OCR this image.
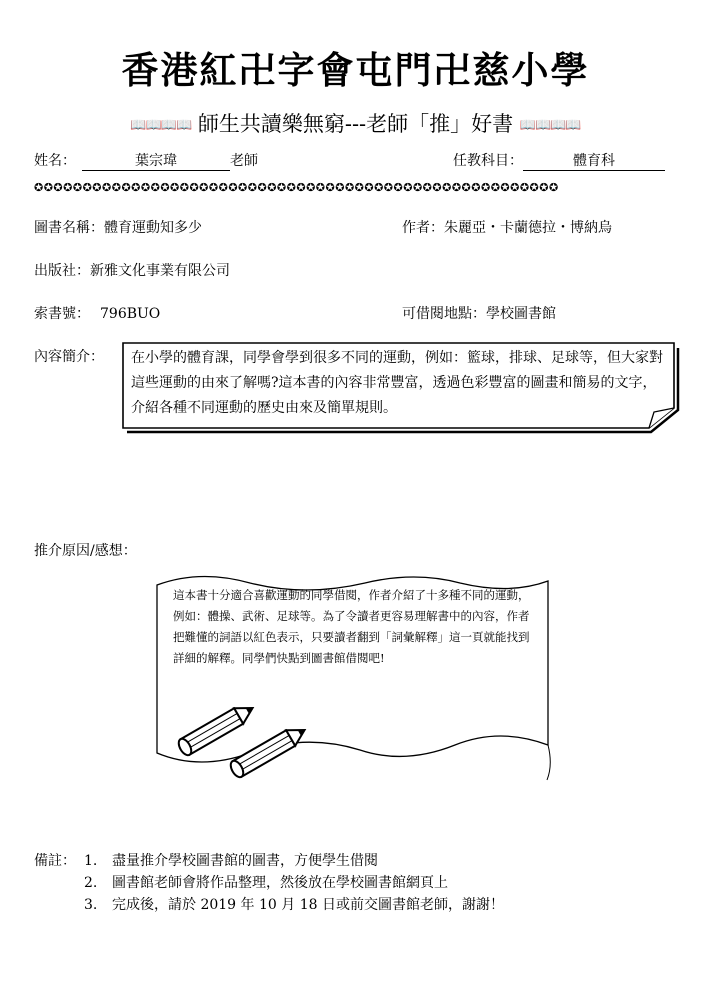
香港紅卍字會屯門卍慈小學
📖📖📖📖 師生共讀樂無窮---老師「推」好書 📖📖📖📖
姓名：	葉宗瑋	老師	任教科目：	體育科
✪✪✪✪✪✪✪✪✪✪✪✪✪✪✪✪✪✪✪✪✪✪✪✪✪✪✪✪✪✪✪✪✪✪✪✪✪✪✪✪✪✪✪✪✪✪✪✪✪✪✪✪✪✪
圖書名稱：體育運動知多少	作者：朱麗亞・卡蘭德拉・博納烏
出版社：新雅文化事業有限公司
索書號： 796BUO	可借閱地點：學校圖書館
內容簡介： 在小學的體育課，同學會學到很多不同的運動，例如：籃球，排球、足球等，但大家對這些運動的由來了解嗎?這本書的內容非常豐富，透過色彩豐富的圖畫和簡易的文字，介紹各種不同運動的歷史由來及簡單規則。
推介原因/感想：
這本書十分適合喜歡運動的同學借閱，作者介紹了十多種不同的運動，例如：體操、武術、足球等。為了令讀者更容易理解書中的內容，作者把難懂的詞語以紅色表示，只要讀者翻到「詞彙解釋」這一頁就能找到詳細的解釋。同學們快點到圖書館借閱吧!
備註： 1.	盡量推介學校圖書館的圖書，方便學生借閱
2.	圖書館老師會將作品整理，然後放在學校圖書館網頁上
3.	完成後，請於 2019 年 10 月 18 日或前交圖書館老師，謝謝！
